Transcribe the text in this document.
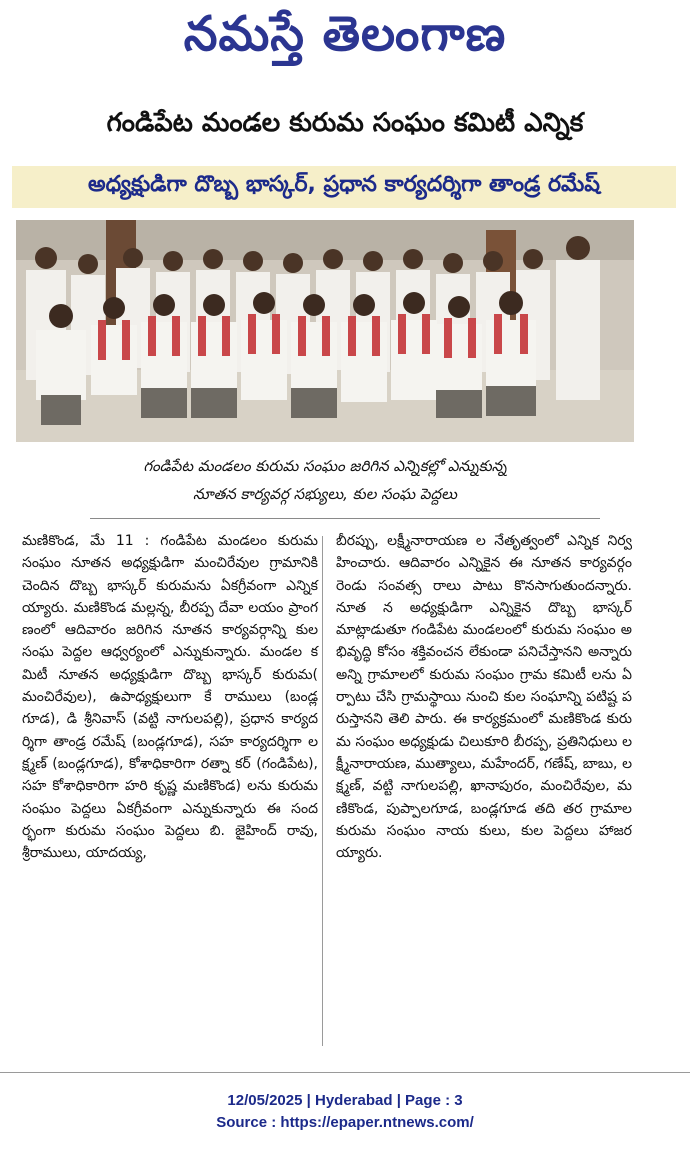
నమస్తే తెలంగాణ
గండిపేట మండల కురుమ సంఘం కమిటీ ఎన్నిక
అధ్యక్షుడిగా దొబ్బ భాస్కర్, ప్రధాన కార్యదర్శిగా తాండ్ర రమేష్
గండిపేట మండలం కురుమ సంఘం జరిగిన ఎన్నికల్లో ఎన్నుకున్న
నూతన కార్యవర్గ సభ్యులు, కుల సంఘ పెద్దలు
మణికొండ, మే 11 : గండిపేట మండలం కురుమ సంఘం నూతన అధ్యక్షుడిగా మంచిరేవుల గ్రామానికి చెందిన దొబ్బ భాస్కర్ కురుమను ఏకగ్రీవంగా ఎన్నిక య్యారు. మణికొండ మల్లన్న, బీరప్ప దేవా లయం ప్రాంగణంలో ఆదివారం జరిగిన నూతన కార్యవర్గాన్ని కుల సంఘ పెద్దల ఆధ్వర్యంలో ఎన్నుకున్నారు. మండల కమిటీ నూతన అధ్యక్షుడిగా దొబ్బ భాస్కర్ కురుమ( మంచిరేవుల), ఉపాధ్యక్షులుగా కే రాములు (బండ్లగూడ), డి శ్రీనివాస్ (వట్టి నాగులపల్లి), ప్రధాన కార్యదర్శిగా తాండ్ర రమేష్ (బండ్లగూడ), సహ కార్యదర్శిగా లక్ష్మణ్ (బండ్లగూడ), కోశాధికారిగా రత్నా కర్ (గండిపేట), సహ కోశాధికారిగా హరి కృష్ణ మణికొండ) లను కురుమ సంఘం పెద్దలు ఏకగ్రీవంగా ఎన్నుకున్నారు ఈ సందర్భంగా కురుమ సంఘం పెద్దలు బి. జైహింద్ రావు, శ్రీరాములు, యాదయ్య,
బీరప్పు, లక్ష్మీనారాయణ ల నేతృత్వంలో ఎన్నిక నిర్వహించారు. ఆదివారం ఎన్నికైన ఈ నూతన కార్యవర్గం రెండు సంవత్స రాలు పాటు కొనసాగుతుందన్నారు. నూత న అధ్యక్షుడిగా ఎన్నికైన దొబ్బ భాస్కర్ మాట్లాడుతూ గండిపేట మండలంలో కురుమ సంఘం అభివృద్ధి కోసం శక్తివంచన లేకుండా పనిచేస్తానని అన్నారు అన్ని గ్రామాలలో కురుమ సంఘం గ్రామ కమిటీ లను ఏర్పాటు చేసి గ్రామస్థాయి నుంచి కుల సంఘాన్ని పటిష్ట పరుస్తానని తెలి పారు. ఈ కార్యక్రమంలో మణికొండ కురు మ సంఘం అధ్యక్షుడు చిలుకూరి బీరప్ప, ప్రతినిధులు లక్ష్మీనారాయణ, ముత్యాలు, మహేందర్, గణేష్, బాబు, లక్ష్మణ్, వట్టి నాగులపల్లి, ఖానాపురం, మంచిరేవుల, మణికొండ, పుప్పాలగూడ, బండ్లగూడ తది తర గ్రామాల కురుమ సంఘం నాయ కులు, కుల పెద్దలు హాజరయ్యారు.
12/05/2025 | Hyderabad | Page : 3
Source : https://epaper.ntnews.com/
